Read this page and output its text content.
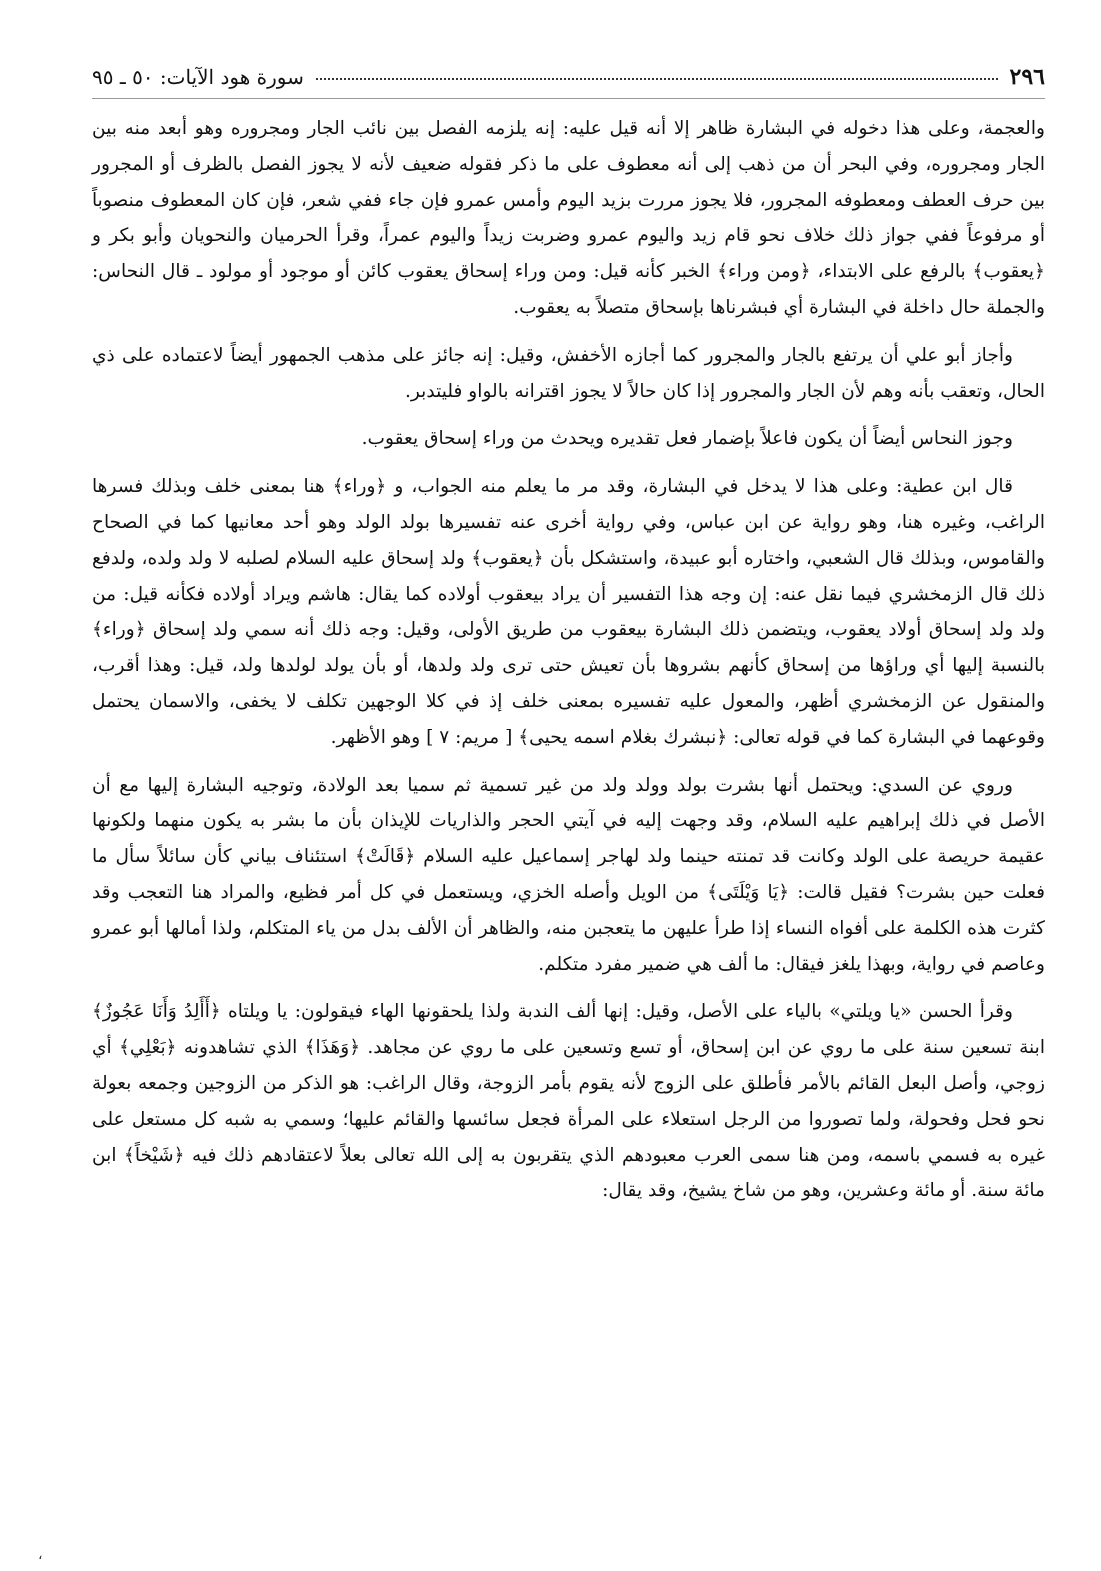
٢٩٦
سورة هود الآيات: ٥٠ ـ ٩٥

والعجمة، وعلى هذا دخوله في البشارة ظاهر إلا أنه قيل عليه: إنه يلزمه الفصل بين نائب الجار ومجروره وهو أبعد منه بين الجار ومجروره، وفي البحر أن من ذهب إلى أنه معطوف على ما ذكر فقوله ضعيف لأنه لا يجوز الفصل بالظرف أو المجرور بين حرف العطف ومعطوفه المجرور، فلا يجوز مررت بزيد اليوم وأمس عمرو فإن جاء ففي شعر، فإن كان المعطوف منصوباً أو مرفوعاً ففي جواز ذلك خلاف نحو قام زيد واليوم عمرو وضربت زيداً واليوم عمراً، وقرأ الحرميان والنحويان وأبو بكر و ﴿يعقوب﴾ بالرفع على الابتداء، ﴿ومن وراء﴾ الخبر كأنه قيل: ومن وراء إسحاق يعقوب كائن أو موجود أو مولود ـ قال النحاس: والجملة حال داخلة في البشارة أي فبشرناها بإسحاق متصلاً به يعقوب.

وأجاز أبو علي أن يرتفع بالجار والمجرور كما أجازه الأخفش، وقيل: إنه جائز على مذهب الجمهور أيضاً لاعتماده على ذي الحال، وتعقب بأنه وهم لأن الجار والمجرور إذا كان حالاً لا يجوز اقترانه بالواو فليتدبر.

وجوز النحاس أيضاً أن يكون فاعلاً بإضمار فعل تقديره ويحدث من وراء إسحاق يعقوب.

قال ابن عطية: وعلى هذا لا يدخل في البشارة، وقد مر ما يعلم منه الجواب، و ﴿وراء﴾ هنا بمعنى خلف وبذلك فسرها الراغب، وغيره هنا، وهو رواية عن ابن عباس، وفي رواية أخرى عنه تفسيرها بولد الولد وهو أحد معانيها كما في الصحاح والقاموس، وبذلك قال الشعبي، واختاره أبو عبيدة، واستشكل بأن ﴿يعقوب﴾ ولد إسحاق عليه السلام لصلبه لا ولد ولده، ولدفع ذلك قال الزمخشري فيما نقل عنه: إن وجه هذا التفسير أن يراد بيعقوب أولاده كما يقال: هاشم ويراد أولاده فكأنه قيل: من ولد ولد إسحاق أولاد يعقوب، ويتضمن ذلك البشارة بيعقوب من طريق الأولى، وقيل: وجه ذلك أنه سمي ولد إسحاق ﴿وراء﴾ بالنسبة إليها أي وراؤها من إسحاق كأنهم بشروها بأن تعيش حتى ترى ولد ولدها، أو بأن يولد لولدها ولد، قيل: وهذا أقرب، والمنقول عن الزمخشري أظهر، والمعول عليه تفسيره بمعنى خلف إذ في كلا الوجهين تكلف لا يخفى، والاسمان يحتمل وقوعهما في البشارة كما في قوله تعالى: ﴿نبشرك بغلام اسمه يحيى﴾ [ مريم: ٧ ] وهو الأظهر.

وروي عن السدي: ويحتمل أنها بشرت بولد وولد ولد من غير تسمية ثم سميا بعد الولادة، وتوجيه البشارة إليها مع أن الأصل في ذلك إبراهيم عليه السلام، وقد وجهت إليه في آيتي الحجر والذاريات للإيذان بأن ما بشر به يكون منهما ولكونها عقيمة حريصة على الولد وكانت قد تمنته حينما ولد لهاجر إسماعيل عليه السلام ﴿قَالَتْ﴾ استئناف بياني كأن سائلاً سأل ما فعلت حين بشرت؟ فقيل قالت: ﴿يَا وَيْلَتَى﴾ من الويل وأصله الخزي، ويستعمل في كل أمر فظيع، والمراد هنا التعجب وقد كثرت هذه الكلمة على أفواه النساء إذا طرأ عليهن ما يتعجبن منه، والظاهر أن الألف بدل من ياء المتكلم، ولذا أمالها أبو عمرو وعاصم في رواية، وبهذا يلغز فيقال: ما ألف هي ضمير مفرد متكلم.

وقرأ الحسن «يا ويلتي» بالياء على الأصل، وقيل: إنها ألف الندبة ولذا يلحقونها الهاء فيقولون: يا ويلتاه ﴿أَأَلِدُ وَأَنَا عَجُوزٌ﴾ ابنة تسعين سنة على ما روي عن ابن إسحاق، أو تسع وتسعين على ما روي عن مجاهد. ﴿وَهَذَا﴾ الذي تشاهدونه ﴿بَعْلِي﴾ أي زوجي، وأصل البعل القائم بالأمر فأطلق على الزوج لأنه يقوم بأمر الزوجة، وقال الراغب: هو الذكر من الزوجين وجمعه بعولة نحو فحل وفحولة، ولما تصوروا من الرجل استعلاء على المرأة فجعل سائسها والقائم عليها؛ وسمي به شبه كل مستعل على غيره به فسمي باسمه، ومن هنا سمى العرب معبودهم الذي يتقربون به إلى الله تعالى بعلاً لاعتقادهم ذلك فيه ﴿شَيْخاً﴾ ابن مائة سنة. أو مائة وعشرين، وهو من شاخ يشيخ، وقد يقال:

،
